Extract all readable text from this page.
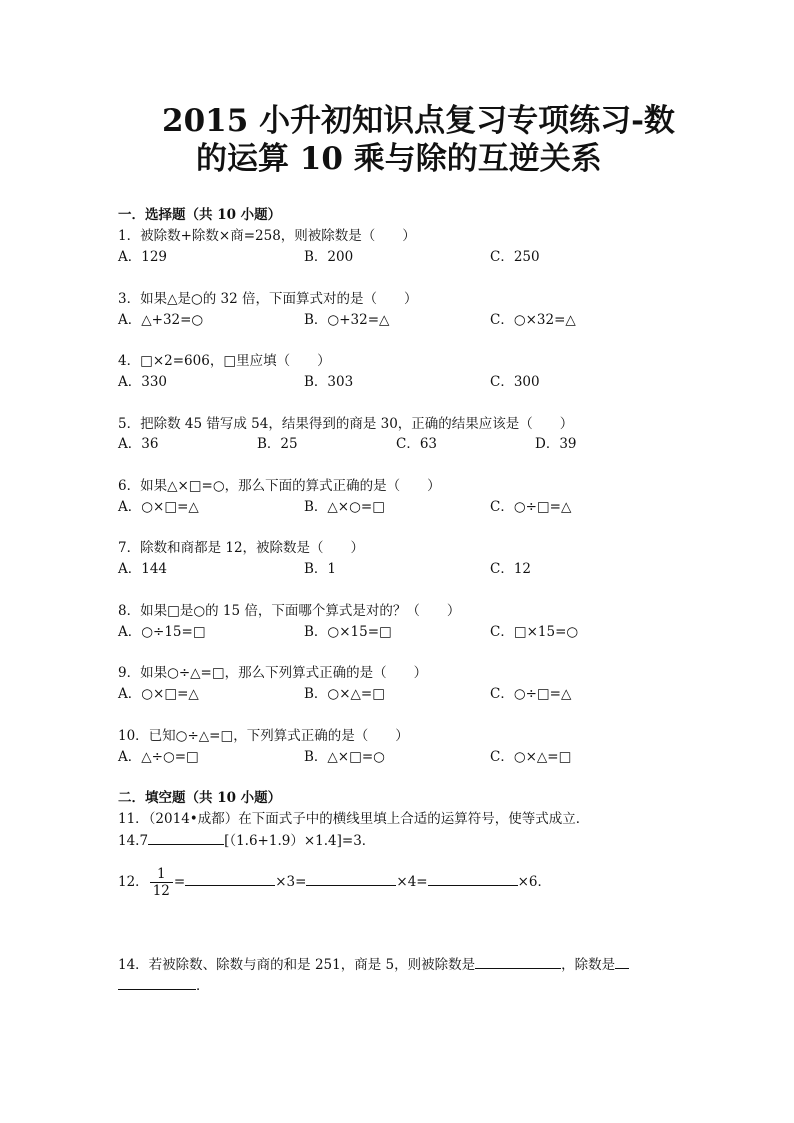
2015 小升初知识点复习专项练习-数
的运算 10 乘与除的互逆关系
一．选择题（共 10 小题）
1．被除数+除数×商=258，则被除数是（　　）
A．129	B．200	C．250
3．如果△是○的 32 倍，下面算式对的是（　　）
A．△+32=○	B．○+32=△	C．○×32=△
4．□×2=606，□里应填（　　）
A．330	B．303	C．300
5．把除数 45 错写成 54，结果得到的商是 30，正确的结果应该是（　　）
A．36	B．25	C．63	D．39
6．如果△×□=○，那么下面的算式正确的是（　　）
A．○×□=△	B．△×○=□	C．○÷□=△
7．除数和商都是 12，被除数是（　　）
A．144	B．1	C．12
8．如果□是○的 15 倍，下面哪个算式是对的？（　　）
A．○÷15=□	B．○×15=□	C．□×15=○
9．如果○÷△=□，那么下列算式正确的是（　　）
A．○×□=△	B．○×△=□	C．○÷□=△
10．已知○÷△=□，下列算式正确的是（　　）
A．△÷○=□	B．△×□=○	C．○×△=□
二．填空题（共 10 小题）
11．（2014•成都）在下面式子中的横线里填上合适的运算符号，使等式成立．
14.7	[（1.6+1.9）×1.4]=3．
12． $\frac{1}{12}$ =	×3=	×4=	×6．
14．若被除数、除数与商的和是 251，商是 5，则被除数是	，除数是
．
